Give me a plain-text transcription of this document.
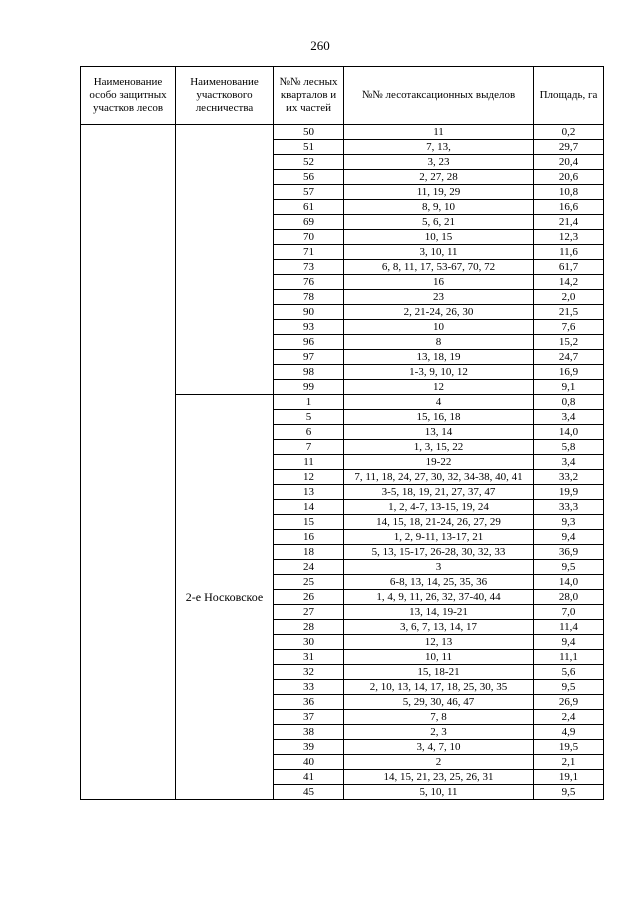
260
Наименование особо защитных участков лесов	Наименование участкового лесничества	№№ лесных кварталов и их частей	№№ лесотаксационных выделов	Площадь, га
		50	11	0,2
		51	7, 13,	29,7
		52	3, 23	20,4
		56	2, 27, 28	20,6
		57	11, 19, 29	10,8
		61	8, 9, 10	16,6
		69	5, 6, 21	21,4
		70	10, 15	12,3
		71	3, 10, 11	11,6
		73	6, 8, 11, 17, 53-67, 70, 72	61,7
		76	16	14,2
		78	23	2,0
		90	2, 21-24, 26, 30	21,5
		93	10	7,6
		96	8	15,2
		97	13, 18, 19	24,7
		98	1-3, 9, 10, 12	16,9
		99	12	9,1
	2-е Носковское	1	4	0,8
		5	15, 16, 18	3,4
		6	13, 14	14,0
		7	1, 3, 15, 22	5,8
		11	19-22	3,4
		12	7, 11, 18, 24, 27, 30, 32, 34-38, 40, 41	33,2
		13	3-5, 18, 19, 21, 27, 37, 47	19,9
		14	1, 2, 4-7, 13-15, 19, 24	33,3
		15	14, 15, 18, 21-24, 26, 27, 29	9,3
		16	1, 2, 9-11, 13-17, 21	9,4
		18	5, 13, 15-17, 26-28, 30, 32, 33	36,9
		24	3	9,5
		25	6-8, 13, 14, 25, 35, 36	14,0
		26	1, 4, 9, 11, 26, 32, 37-40, 44	28,0
		27	13, 14, 19-21	7,0
		28	3, 6, 7, 13, 14, 17	11,4
		30	12, 13	9,4
		31	10, 11	11,1
		32	15, 18-21	5,6
		33	2, 10, 13, 14, 17, 18, 25, 30, 35	9,5
		36	5, 29, 30, 46, 47	26,9
		37	7, 8	2,4
		38	2, 3	4,9
		39	3, 4, 7, 10	19,5
		40	2	2,1
		41	14, 15, 21, 23, 25, 26, 31	19,1
		45	5, 10, 11	9,5
